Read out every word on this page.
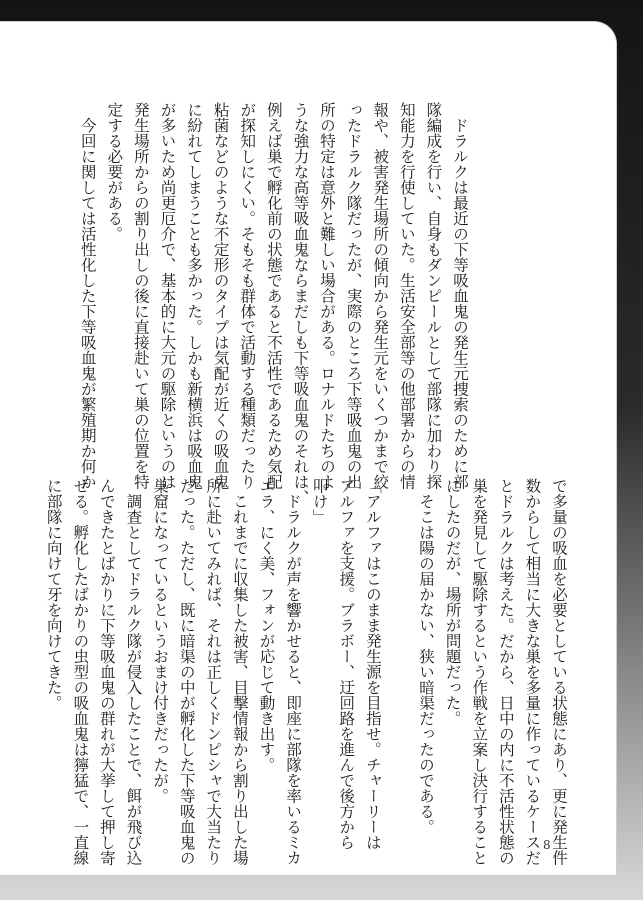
　ドラルクは最近の下等吸血鬼の発生元捜索のために部

隊編成を行い、自身もダンピールとして部隊に加わり探

知能力を行使していた。生活安全部等の他部署からの情

報や、被害発生場所の傾向から発生元をいくつかまで絞

ったドラルク隊だったが、実際のところ下等吸血鬼の出

所の特定は意外と難しい場合がある。ロナルドたちのよ

うな強力な高等吸血鬼ならまだしも下等吸血鬼のそれは、

例えば巣で孵化前の状態であると不活性であるため気配

が探知しにくい。そもそも群体で活動する種類だったり

粘菌などのような不定形のタイプは気配が近くの吸血鬼

に紛れてしまうことも多かった。しかも新横浜は吸血鬼

が多いため尚更厄介で、基本的に大元の駆除というのは

発生場所からの割り出しの後に直接赴いて巣の位置を特

定する必要がある。

　今回に関しては活性化した下等吸血鬼が繁殖期か何か

で多量の吸血を必要としている状態にあり、更に発生件

数からして相当に大きな巣を多量に作っているケースだ

とドラルクは考えた。だから、日中の内に不活性状態の

巣を発見して駆除するという作戦を立案し決行すること

にしたのだが、場所が問題だった。

　そこは陽の届かない、狭い暗渠だったのである。

「アルファはこのまま発生源を目指せ。チャーリーは

アルファを支援。ブラボー、迂回路を進んで後方から

叩け」

　ドラルクが声を響かせると、即座に部隊を率いるミカ

エラ、にく美、フォンが応じて動き出す。

　これまでに収集した被害、目撃情報から割り出した場

所に赴いてみれば、それは正しくドンピシャで大当たり

だった。ただし、既に暗渠の中が孵化した下等吸血鬼の

巣窟になっているというおまけ付きだったが。

　調査としてドラルク隊が侵入したことで、餌が飛び込

んできたとばかりに下等吸血鬼の群れが大挙して押し寄

せる。孵化したばかりの虫型の吸血鬼は獰猛で、一直線

に部隊に向けて牙を向けてきた。

8
